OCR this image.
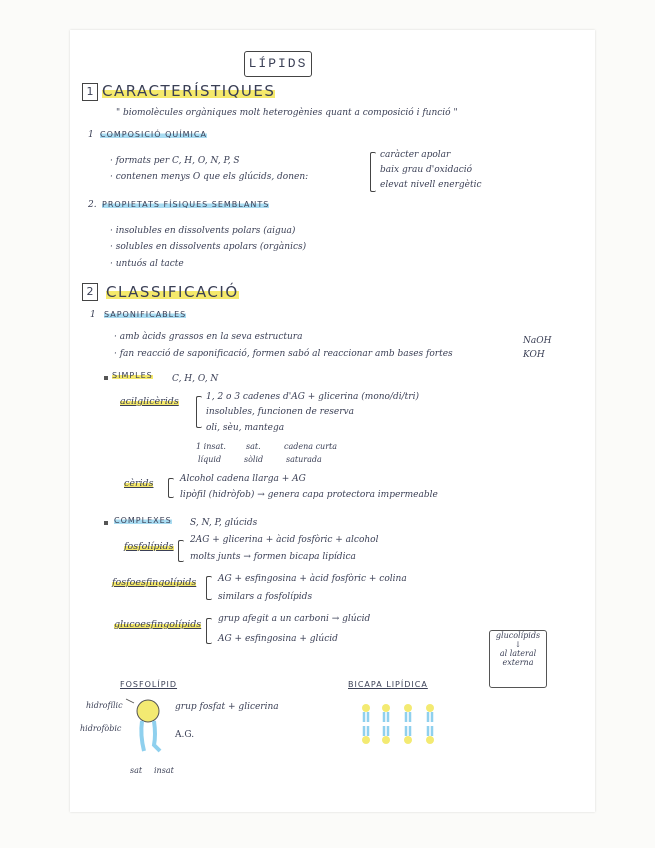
LÍPIDS
1 CARACTERÍSTIQUES
" biomolècules orgàniques molt heterogènies quant a composició i funció "
1 COMPOSICIÓ QUÍMICA
· formats per C, H, O, N, P, S
· contenen menys O que els glúcids, donen:
caràcter apolar
baix grau d'oxidació
elevat nivell energètic
2. PROPIETATS FÍSIQUES SEMBLANTS
· insolubles en dissolvents polars (aigua)
· solubles en dissolvents apolars (orgànics)
· untuós al tacte
2 CLASSIFICACIÓ
1 SAPONIFICABLES
· amb àcids grassos en la seva estructura
· fan reacció de saponificació, formen sabó al reaccionar amb bases fortes
NaOH
KOH
SIMPLES C, H, O, N
acilglicèrids	1, 2 o 3 cadenes d'AG + glicerina (mono/di/tri)
insolubles, funcionen de reserva
oli, sèu, mantega
1 insat.	sat.	cadena curta
líquid	sòlid	saturada
cèrids	Alcohol cadena llarga + AG
lipòfil (hidròfob) → genera capa protectora impermeable
COMPLEXES S, N, P, glúcids
fosfolípids
2AG + glicerina + àcid fosfòric + alcohol
molts junts → formen bicapa lipídica
fosfoesfingolípids AG + esfingosina + àcid fosfòric + colina
similars a fosfolípids
glucoesfingolípids grup afegit a un carboni → glúcid
AG + esfingosina + glúcid	glucolípids
↓
al lateral
externa
FOSFOLÍPID
hidrofílic
hidrofòbic
grup fosfat + glicerina
A.G.
sat insat
BICAPA LIPÍDICA
